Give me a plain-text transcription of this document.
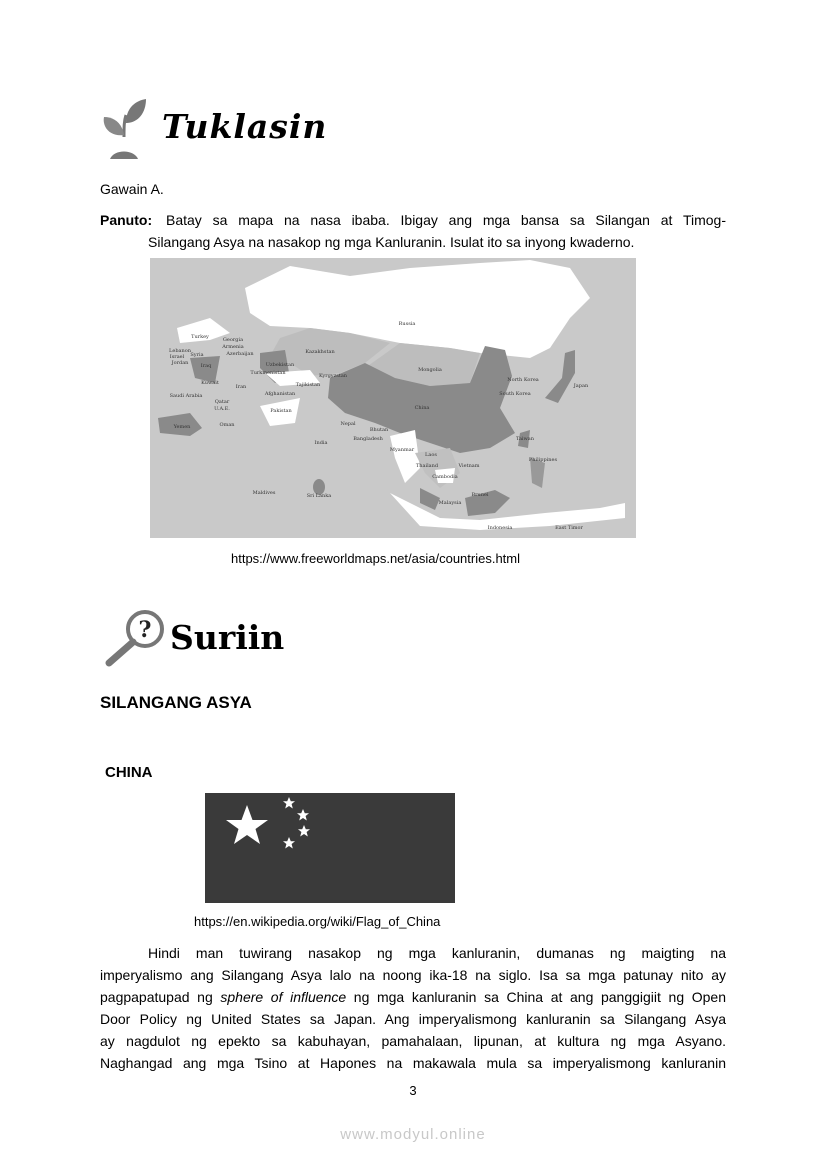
Tuklasin
Gawain A.
Panuto: Batay sa mapa na nasa ibaba. Ibigay ang mga bansa sa Silangan at Timog-
Silangang Asya na nasakop ng mga Kanluranin. Isulat ito sa inyong kwaderno.
Russia
Turkey	Georgia
Armenia
Azerbaijan
Lebanon
Syria
Israel
Jordan Iraq
Kazakhstan
Uzbekistan
Turkmenistan	Kyrgyzstan
Tajikistan
Kuwait
Iran
Saudi Arabia	Afghanistan
Qatar
U.A.E.	Pakistan
Oman
Yemen	Nepal
Bhutan
Bangladesh
India
Maldives	Sri Lanka
Mongolia
North Korea
South Korea
Japan
China
Taiwan
Myanmar
Laos
Philippines
Thailand	Vietnam
Cambodia
Brunei
Malaysia
Indonesia	East Timor
https://www.freeworldmaps.net/asia/countries.html
? Suriin
SILANGANG ASYA
CHINA
https://en.wikipedia.org/wiki/Flag_of_China
Hindi man tuwirang nasakop ng mga kanluranin, dumanas ng maigting na
imperyalismo ang Silangang Asya lalo na noong ika-18 na siglo. Isa sa mga patunay nito ay
pagpapatupad ng sphere of influence ng mga kanluranin sa China at ang panggigiit ng Open
Door Policy ng United States sa Japan. Ang imperyalismong kanluranin sa Silangang Asya
ay nagdulot ng epekto sa kabuhayan, pamahalaan, lipunan, at kultura ng mga Asyano.
Naghangad ang mga Tsino at Hapones na makawala mula sa imperyalismong kanluranin
3
www.modyul.online
